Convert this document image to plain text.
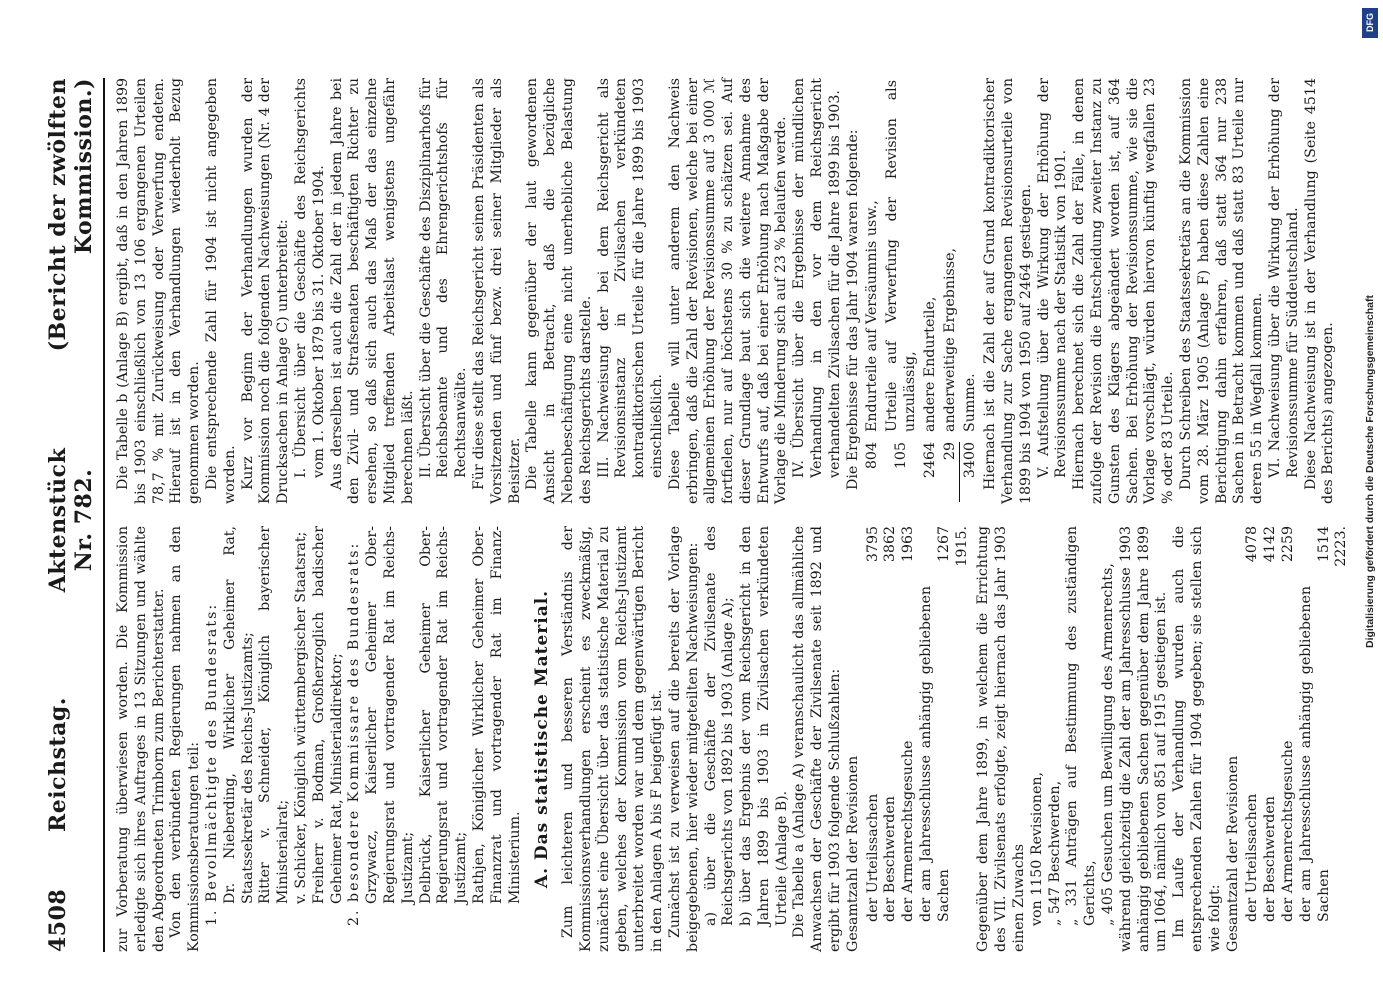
4508
Reichstag.
Aktenstück Nr. 782.
(Bericht der zwölften Kommission.)

zur Vorberatung überwiesen worden. Die Kommission erledigte sich ihres Auftrages in 13 Sitzungen und wählte den Abgeordneten Trimborn zum Berichterstatter. Von den verbündeten Regierungen nahmen an den Kommissionsberatungen teil: 1. Bevollmächtigte des Bundesrats: Dr. Nieberding, Wirklicher Geheimer Rat, Staatssekretär des Reichs-Justizamts; Ritter v. Schneider, Königlich bayerischer Ministerialrat; v. Schicker, Königlich württembergischer Staatsrat; Freiherr v. Bodman, Großherzoglich badischer Geheimer Rat, Ministerialdirektor; 2. besondere Kommissare des Bundesrats: Grzywacz, Kaiserlicher Geheimer Ober-Regierungsrat und vortragender Rat im Reichs-Justizamt; Delbrück, Kaiserlicher Geheimer Ober-Regierungsrat und vortragender Rat im Reichs-Justizamt; Rathjen, Königlicher Wirklicher Geheimer Ober-Finanzrat und vortragender Rat im Finanz-Ministerium. A. Das statistische Material. Zum leichteren und besseren Verständnis der Kommissionsverhandlungen erscheint es zweckmäßig, zunächst eine Übersicht über das statistische Material zu geben, welches der Kommission vom Reichs-Justizamt unterbreitet worden war und dem gegenwärtigen Bericht in den Anlagen A bis F beigefügt ist. Zunächst ist zu verweisen auf die bereits der Vorlage beigegebenen, hier wieder mitgeteilten Nachweisungen: a) über die Geschäfte der Zivilsenate des Reichsgerichts von 1892 bis 1903 (Anlage A); b) über das Ergebnis der vom Reichsgericht in den Jahren 1899 bis 1903 in Zivilsachen verkündeten Urteile (Anlage B). Die Tabelle a (Anlage A) veranschaulicht das allmähliche Anwachsen der Geschäfte der Zivilsenate seit 1892 und ergibt für 1903 folgende Schlußzahlen: Gesamtzahl der Revisionen der Urteilssachen	3795
der Beschwerden	3862
der Armenrechtsgesuche	1963
der am Jahresschlusse anhängig gebliebenen Sachen	1267
	1915. Gegenüber dem Jahre 1899, in welchem die Errichtung des VII. Zivilsenats erfolgte, zeigt hiernach das Jahr 1903 einen Zuwachs von 1150 Revisionen, „ 547 Beschwerden, „ 331 Anträgen auf Bestimmung des zuständigen Gerichts, „ 405 Gesuchen um Bewilligung des Armenrechts, während gleichzeitig die Zahl der am Jahresschlusse 1903 anhängig gebliebenen Sachen gegenüber dem Jahre 1899 um 1064, nämlich von 851 auf 1915 gestiegen ist. Im Laufe der Verhandlung wurden auch die entsprechenden Zahlen für 1904 gegeben; sie stellen sich wie folgt: Gesamtzahl der Revisionen der Urteilssachen	4078
der Beschwerden	4142
der Armenrechtsgesuche	2259
der am Jahresschlusse anhängig gebliebenen Sachen	1514
	2223.

Die Tabelle b (Anlage B) ergibt, daß in den Jahren 1899 bis 1903 einschließlich von 13 106 ergangenen Urteilen 78,7 % mit Zurückweisung oder Verwerfung endeten. Hierauf ist in den Verhandlungen wiederholt Bezug genommen worden. Die entsprechende Zahl für 1904 ist nicht angegeben worden. Kurz vor Beginn der Verhandlungen wurden der Kommission noch die folgenden Nachweisungen (Nr. 4 der Drucksachen in Anlage C) unterbreitet: I. Übersicht über die Geschäfte des Reichsgerichts vom 1. Oktober 1879 bis 31. Oktober 1904. Aus derselben ist auch die Zahl der in jedem Jahre bei den Zivil- und Strafsenaten beschäftigten Richter zu ersehen, so daß sich auch das Maß der das einzelne Mitglied treffenden Arbeitslast wenigstens ungefähr berechnen läßt. II. Übersicht über die Geschäfte des Disziplinarhofs für Reichsbeamte und des Ehrengerichtshofs für Rechtsanwälte. Für diese stellt das Reichsgericht seinen Präsidenten als Vorsitzenden und fünf bezw. drei seiner Mitglieder als Beisitzer. Die Tabelle kann gegenüber der laut gewordenen Ansicht in Betracht, daß die bezügliche Nebenbeschäftigung eine nicht unerhebliche Belastung des Reichsgerichts darstelle. III. Nachweisung der bei dem Reichsgericht als Revisionsinstanz in Zivilsachen verkündeten kontradiktorischen Urteile für die Jahre 1899 bis 1903 einschließlich. Diese Tabelle will unter anderem den Nachweis erbringen, daß die Zahl der Revisionen, welche bei einer allgemeinen Erhöhung der Revisionssumme auf 3 000 ℳ fortfielen, nur auf höchstens 30 % zu schätzen sei. Auf dieser Grundlage baut sich die weitere Annahme des Entwurfs auf, daß bei einer Erhöhung nach Maßgabe der Vorlage die Minderung sich auf 23 % belaufen werde. IV. Übersicht über die Ergebnisse der mündlichen Verhandlung in den vor dem Reichsgericht verhandelten Zivilsachen für die Jahre 1899 bis 1903. Die Ergebnisse für das Jahr 1904 waren folgende: 804	Endurteile auf Versäumnis usw.,
105	Urteile auf Verwerfung der Revision als unzulässig,
2464	andere Endurteile,
29	anderweitige Ergebnisse,
3400	Summe. Hiernach ist die Zahl der auf Grund kontradiktorischer Verhandlung zur Sache ergangenen Revisionsurteile von 1899 bis 1904 von 1950 auf 2464 gestiegen. V. Aufstellung über die Wirkung der Erhöhung der Revisionssumme nach der Statistik von 1901. Hiernach berechnet sich die Zahl der Fälle, in denen zufolge der Revision die Entscheidung zweiter Instanz zu Gunsten des Klägers abgeändert worden ist, auf 364 Sachen. Bei Erhöhung der Revisionssumme, wie sie die Vorlage vorschlägt, würden hiervon künftig wegfallen 23 % oder 83 Urteile. Durch Schreiben des Staatssekretärs an die Kommission vom 28. März 1905 (Anlage F) haben diese Zahlen eine Berichtigung dahin erfahren, daß statt 364 nur 238 Sachen in Betracht kommen und daß statt 83 Urteile nur deren 55 in Wegfall kommen. VI. Nachweisung über die Wirkung der Erhöhung der Revisionssumme für Süddeutschland. Diese Nachweisung ist in der Verhandlung (Seite 4514 des Berichts) angezogen.

DFG
Digitalisierung gefördert durch die Deutsche Forschungsgemeinschaft
